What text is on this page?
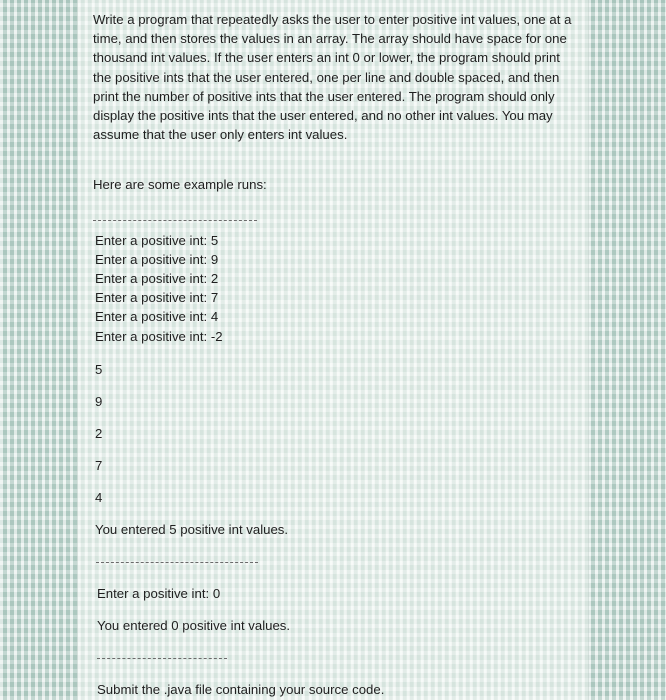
Write a program that repeatedly asks the user to enter positive int values, one at a time, and then stores the values in an array. The array should have space for one thousand int values. If the user enters an int 0 or lower, the program should print the positive ints that the user entered, one per line and double spaced, and then print the number of positive ints that the user entered. The program should only display the positive ints that the user entered, and no other int values. You may assume that the user only enters int values.

Here are some example runs:
Enter a positive int: 5
Enter a positive int: 9
Enter a positive int: 2
Enter a positive int: 7
Enter a positive int: 4
Enter a positive int: -2
5
9
2
7
4
You entered 5 positive int values.
Enter a positive int: 0
You entered 0 positive int values.
Submit the .java file containing your source code.
